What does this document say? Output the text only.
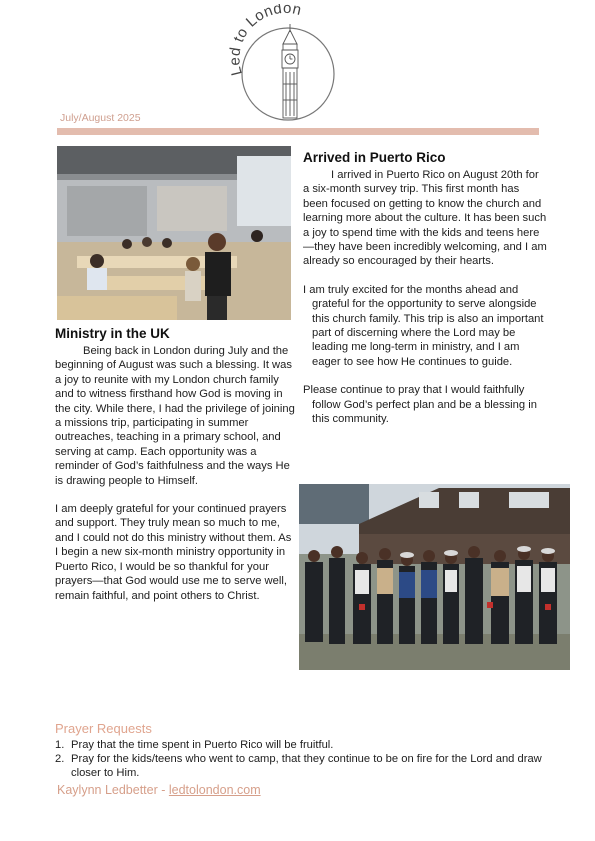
Led to London
July/August 2025
Ministry in the UK

Being back in London during July and the beginning of August was such a blessing. It was a joy to reunite with my London church family and to witness firsthand how God is moving in the city. While there, I had the privilege of joining a missions trip, participating in summer outreaches, teaching in a primary school, and serving at camp. Each opportunity was a reminder of God’s faithfulness and the ways He is drawing people to Himself.

I am deeply grateful for your continued prayers and support. They truly mean so much to me, and I could not do this ministry without them. As I begin a new six-month ministry opportunity in Puerto Rico, I would be so thankful for your prayers—that God would use me to serve well, remain faithful, and point others to Christ.

Arrived in Puerto Rico

I arrived in Puerto Rico on August 20th for a six-month survey trip. This first month has been focused on getting to know the church and learning more about the culture. It has been such a joy to spend time with the kids and teens here—they have been incredibly welcoming, and I am already so encouraged by their hearts.

I am truly excited for the months ahead and grateful for the opportunity to serve alongside this church family. This trip is also an important part of discerning where the Lord may be leading me long-term in ministry, and I am eager to see how He continues to guide.

Please continue to pray that I would faithfully follow God’s perfect plan and be a blessing in this community.

Prayer Requests
1. Pray that the time spent in Puerto Rico will be fruitful.
2. Pray for the kids/teens who went to camp, that they continue to be on fire for the Lord and draw closer to Him.
Kaylynn Ledbetter - ledtolondon.com
